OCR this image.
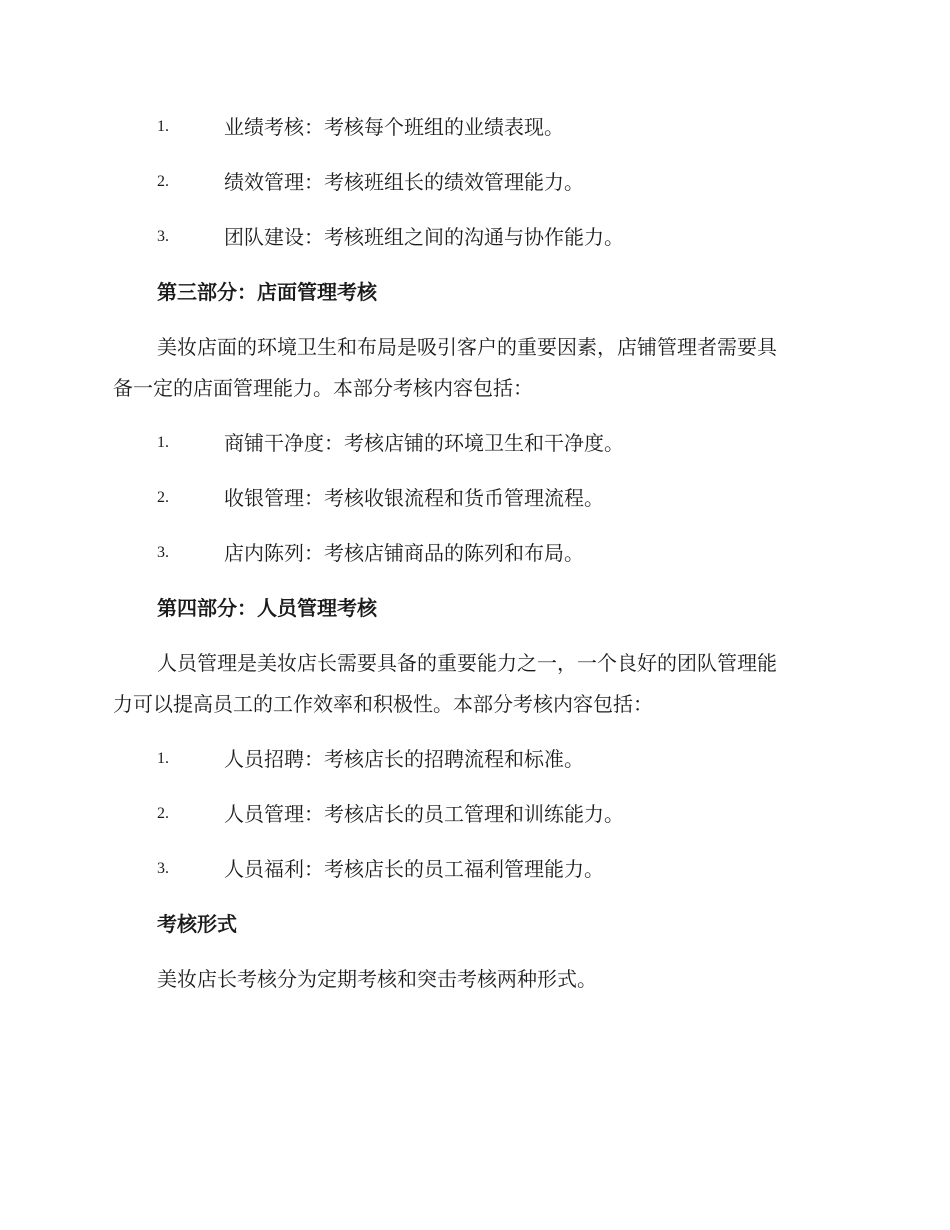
1.	业绩考核：考核每个班组的业绩表现。
2.	绩效管理：考核班组长的绩效管理能力。
3.	团队建设：考核班组之间的沟通与协作能力。
第三部分：店面管理考核
美妆店面的环境卫生和布局是吸引客户的重要因素，店铺管理者需要具
备一定的店面管理能力。本部分考核内容包括：
1.	商铺干净度：考核店铺的环境卫生和干净度。
2.	收银管理：考核收银流程和货币管理流程。
3.	店内陈列：考核店铺商品的陈列和布局。
第四部分：人员管理考核
人员管理是美妆店长需要具备的重要能力之一，一个良好的团队管理能
力可以提高员工的工作效率和积极性。本部分考核内容包括：
1.	人员招聘：考核店长的招聘流程和标准。
2.	人员管理：考核店长的员工管理和训练能力。
3.	人员福利：考核店长的员工福利管理能力。
考核形式
美妆店长考核分为定期考核和突击考核两种形式。
